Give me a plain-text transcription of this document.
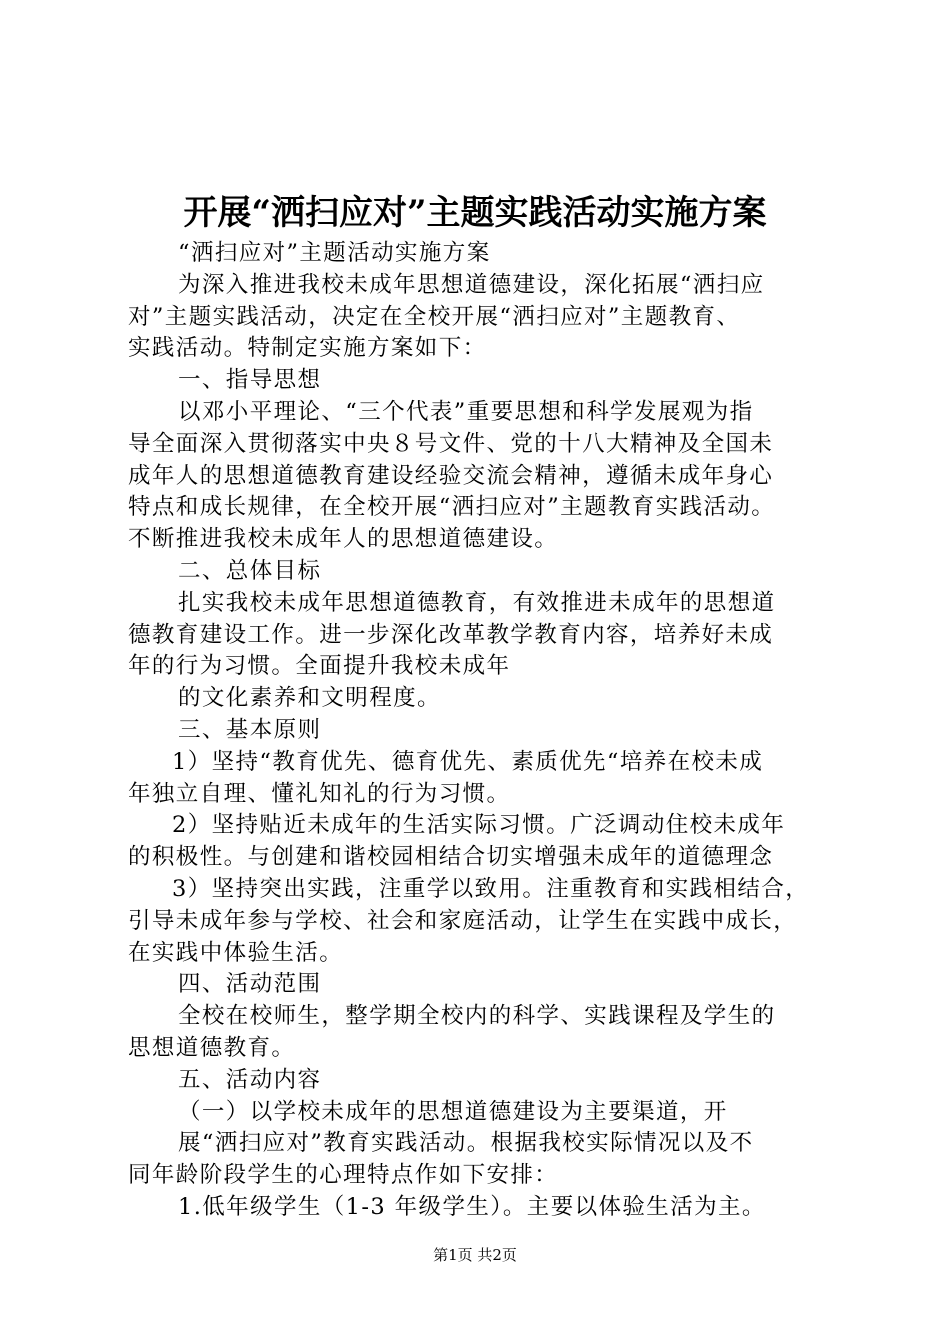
开展“洒扫应对”主题实践活动实施方案
“洒扫应对”主题活动实施方案
为深入推进我校未成年思想道德建设，深化拓展“洒扫应
对”主题实践活动，决定在全校开展“洒扫应对”主题教育、
实践活动。特制定实施方案如下：
一、指导思想
以邓小平理论、“三个代表”重要思想和科学发展观为指
导全面深入贯彻落实中央８号文件、党的十八大精神及全国未
成年人的思想道德教育建设经验交流会精神，遵循未成年身心
特点和成长规律，在全校开展“洒扫应对”主题教育实践活动。
不断推进我校未成年人的思想道德建设。
二、总体目标
扎实我校未成年思想道德教育，有效推进未成年的思想道
德教育建设工作。进一步深化改革教学教育内容，培养好未成
年的行为习惯。全面提升我校未成年
的文化素养和文明程度。
三、基本原则
1）坚持“教育优先、德育优先、素质优先“培养在校未成
年独立自理、懂礼知礼的行为习惯。
2）坚持贴近未成年的生活实际习惯。广泛调动住校未成年
的积极性。与创建和谐校园相结合切实增强未成年的道德理念
3）坚持突出实践，注重学以致用。注重教育和实践相结合，
引导未成年参与学校、社会和家庭活动，让学生在实践中成长，
在实践中体验生活。
四、活动范围
全校在校师生，整学期全校内的科学、实践课程及学生的
思想道德教育。
五、活动内容
（一）以学校未成年的思想道德建设为主要渠道，开
展“洒扫应对”教育实践活动。根据我校实际情况以及不
同年龄阶段学生的心理特点作如下安排：
1.低年级学生（1-3 年级学生）。主要以体验生活为主。
第1页 共2页
